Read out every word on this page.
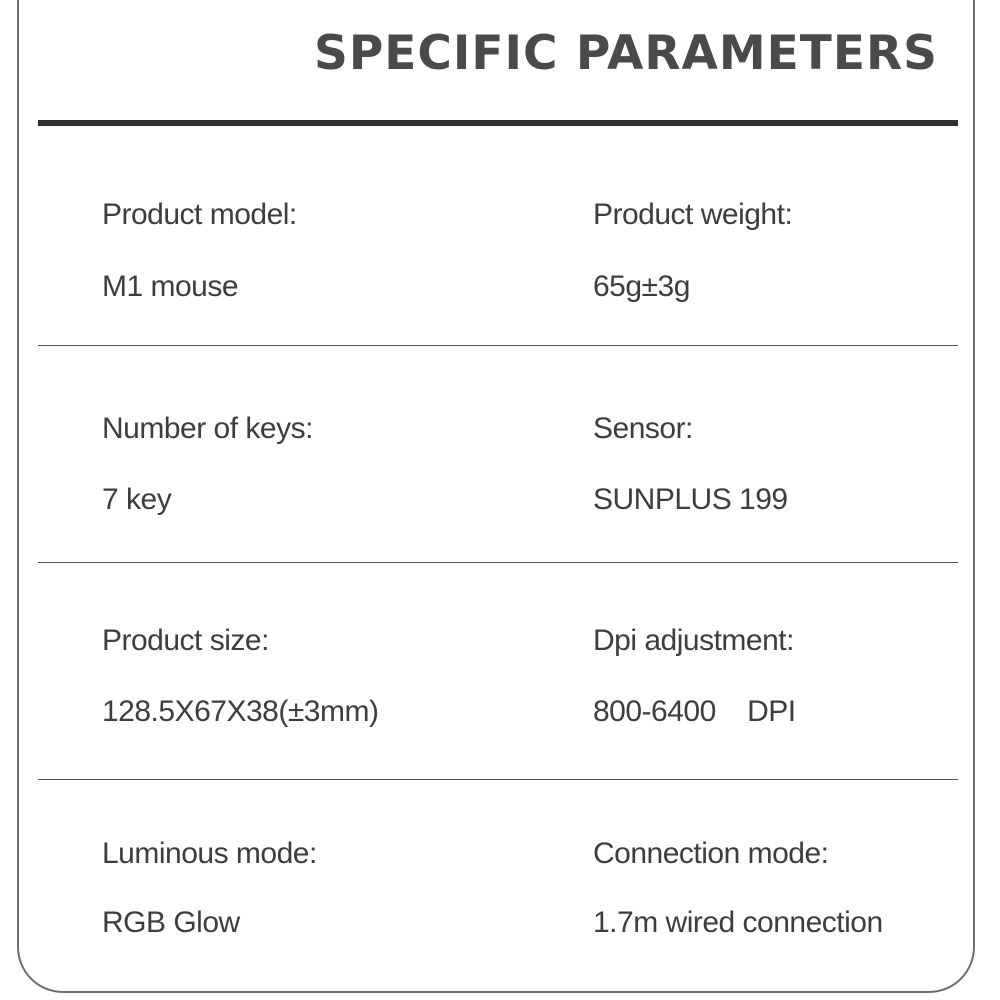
SPECIFIC PARAMETERS
Product model:
M1 mouse
Product weight:
65g±3g
Number of keys:
7 key
Sensor:
SUNPLUS 199
Product size:
128.5X67X38(±3mm)
Dpi adjustment:
800-6400    DPI
Luminous mode:
RGB Glow
Connection mode:
1.7m wired connection
